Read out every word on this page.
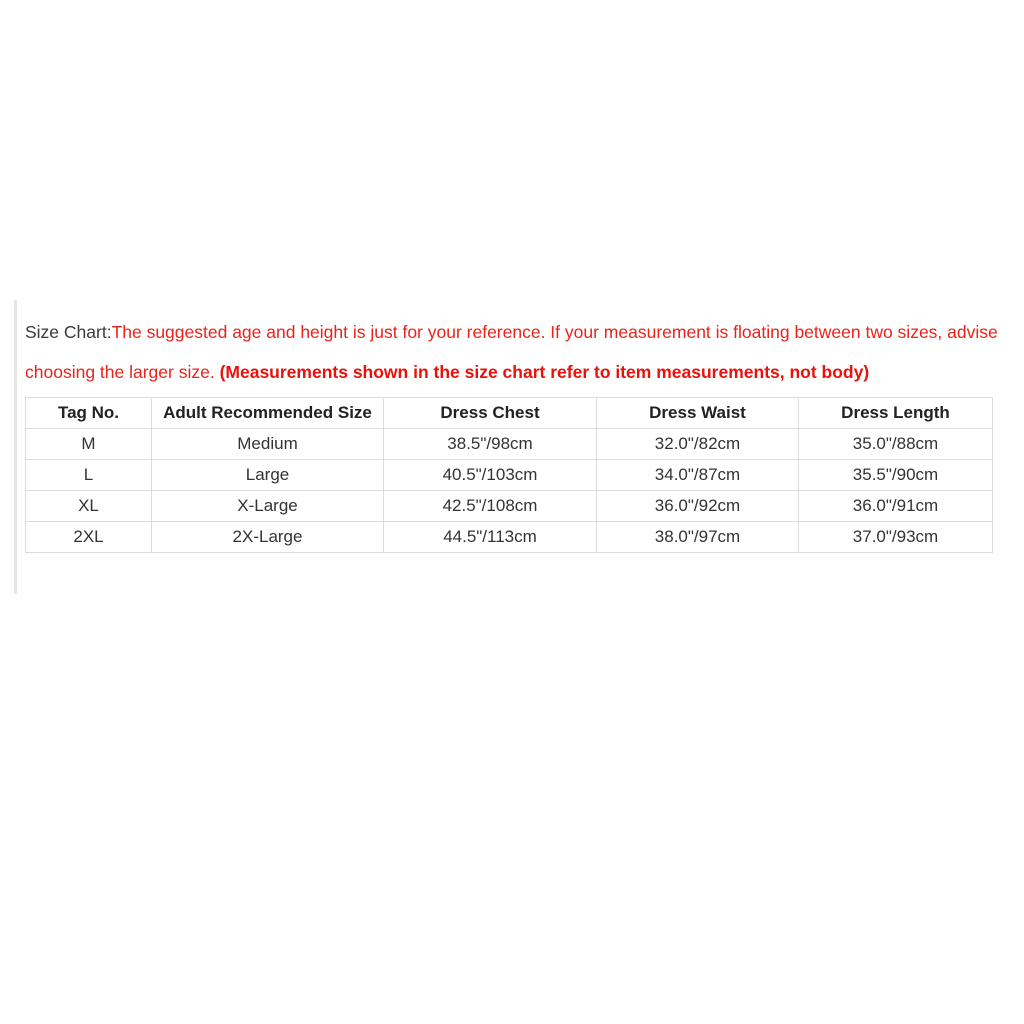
Size Chart:The suggested age and height is just for your reference. If your measurement is floating between two sizes, advise choosing the larger size. (Measurements shown in the size chart refer to item measurements, not body)
Tag No.	Adult Recommended Size	Dress Chest	Dress Waist	Dress Length
M	Medium	38.5"/98cm	32.0"/82cm	35.0"/88cm
L	Large	40.5"/103cm	34.0"/87cm	35.5"/90cm
XL	X-Large	42.5"/108cm	36.0"/92cm	36.0"/91cm
2XL	2X-Large	44.5"/113cm	38.0"/97cm	37.0"/93cm
